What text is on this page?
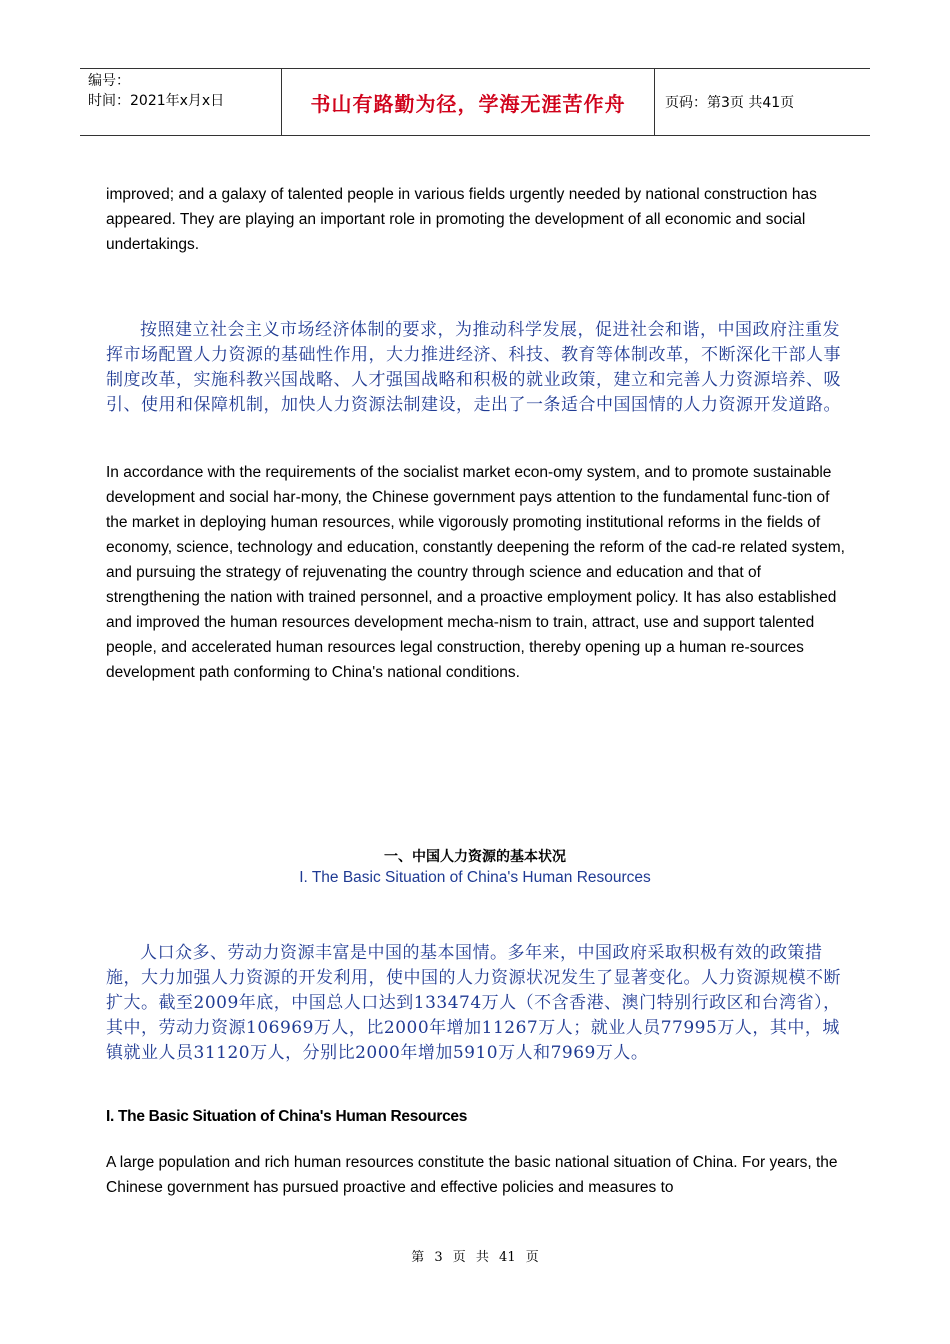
编号：
时间：2021年x月x日	书山有路勤为径，学海无涯苦作舟	页码：第3页 共41页

improved; and a galaxy of talented people in various fields urgently needed by national construction has appeared. They are playing an important role in promoting the development of all economic and social undertakings.

按照建立社会主义市场经济体制的要求，为推动科学发展，促进社会和谐，中国政府注重发挥市场配置人力资源的基础性作用，大力推进经济、科技、教育等体制改革，不断深化干部人事制度改革，实施科教兴国战略、人才强国战略和积极的就业政策，建立和完善人力资源培养、吸引、使用和保障机制，加快人力资源法制建设，走出了一条适合中国国情的人力资源开发道路。

In accordance with the requirements of the socialist market econ-omy system, and to promote sustainable development and social har-mony, the Chinese government pays attention to the fundamental func-tion of the market in deploying human resources, while vigorously promoting institutional reforms in the fields of economy, science, technology and education, constantly deepening the reform of the cad-re related system, and pursuing the strategy of rejuvenating the country through science and education and that of strengthening the nation with trained personnel, and a proactive employment policy. It has also established and improved the human resources development mecha-nism to train, attract, use and support talented people, and accelerated human resources legal construction, thereby opening up a human re-sources development path conforming to China's national conditions.

一、中国人力资源的基本状况
I. The Basic Situation of China's Human Resources

人口众多、劳动力资源丰富是中国的基本国情。多年来，中国政府采取积极有效的政策措施，大力加强人力资源的开发利用，使中国的人力资源状况发生了显著变化。人力资源规模不断扩大。截至2009年底，中国总人口达到133474万人（不含香港、澳门特别行政区和台湾省），其中，劳动力资源106969万人，比2000年增加11267万人；就业人员77995万人，其中，城镇就业人员31120万人，分别比2000年增加5910万人和7969万人。

I. The Basic Situation of China's Human Resources

A large population and rich human resources constitute the basic national situation of China. For years, the Chinese government has pursued proactive and effective policies and measures to

第 3 页 共 41 页
